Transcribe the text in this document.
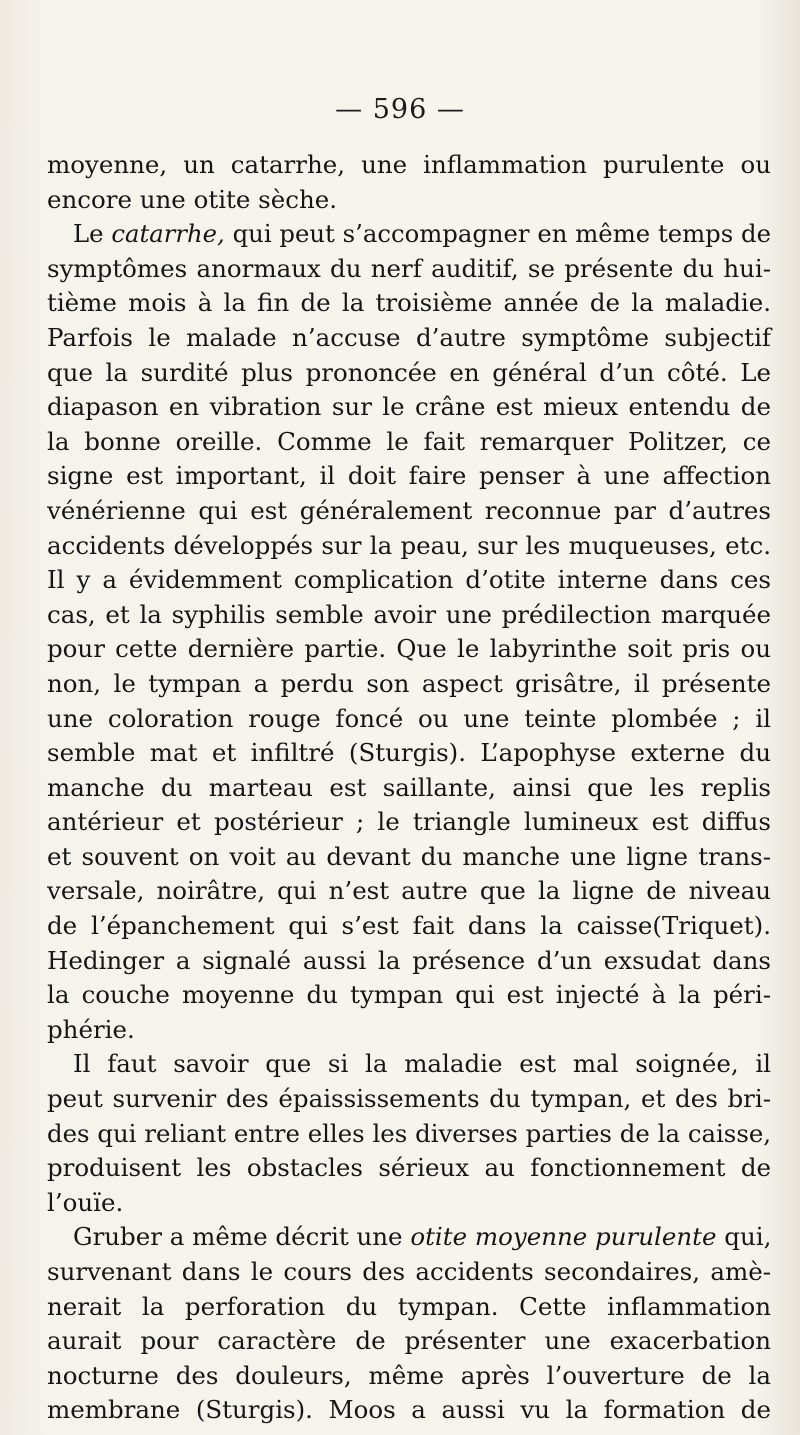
— 596 —
moyenne, un catarrhe, une inflammation purulente ou
encore une otite sèche.
Le catarrhe, qui peut s’accompagner en même temps de
symptômes anormaux du nerf auditif, se présente du hui-
tième mois à la fin de la troisième année de la maladie.
Parfois le malade n’accuse d’autre symptôme subjectif
que la surdité plus prononcée en général d’un côté. Le
diapason en vibration sur le crâne est mieux entendu de
la bonne oreille. Comme le fait remarquer Politzer, ce
signe est important, il doit faire penser à une affection
vénérienne qui est généralement reconnue par d’autres
accidents développés sur la peau, sur les muqueuses, etc.
Il y a évidemment complication d’otite interne dans ces
cas, et la syphilis semble avoir une prédilection marquée
pour cette dernière partie. Que le labyrinthe soit pris ou
non, le tympan a perdu son aspect grisâtre, il présente
une coloration rouge foncé ou une teinte plombée ; il
semble mat et infiltré (Sturgis). L’apophyse externe du
manche du marteau est saillante, ainsi que les replis
antérieur et postérieur ; le triangle lumineux est diffus
et souvent on voit au devant du manche une ligne trans-
versale, noirâtre, qui n’est autre que la ligne de niveau
de l’épanchement qui s’est fait dans la caisse(Triquet).
Hedinger a signalé aussi la présence d’un exsudat dans
la couche moyenne du tympan qui est injecté à la péri-
phérie.
Il faut savoir que si la maladie est mal soignée, il
peut survenir des épaississements du tympan, et des bri-
des qui reliant entre elles les diverses parties de la caisse,
produisent les obstacles sérieux au fonctionnement de
l’ouïe.
Gruber a même décrit une otite moyenne purulente qui,
survenant dans le cours des accidents secondaires, amè-
nerait la perforation du tympan. Cette inflammation
aurait pour caractère de présenter une exacerbation
nocturne des douleurs, même après l’ouverture de la
membrane (Sturgis). Moos a aussi vu la formation de
